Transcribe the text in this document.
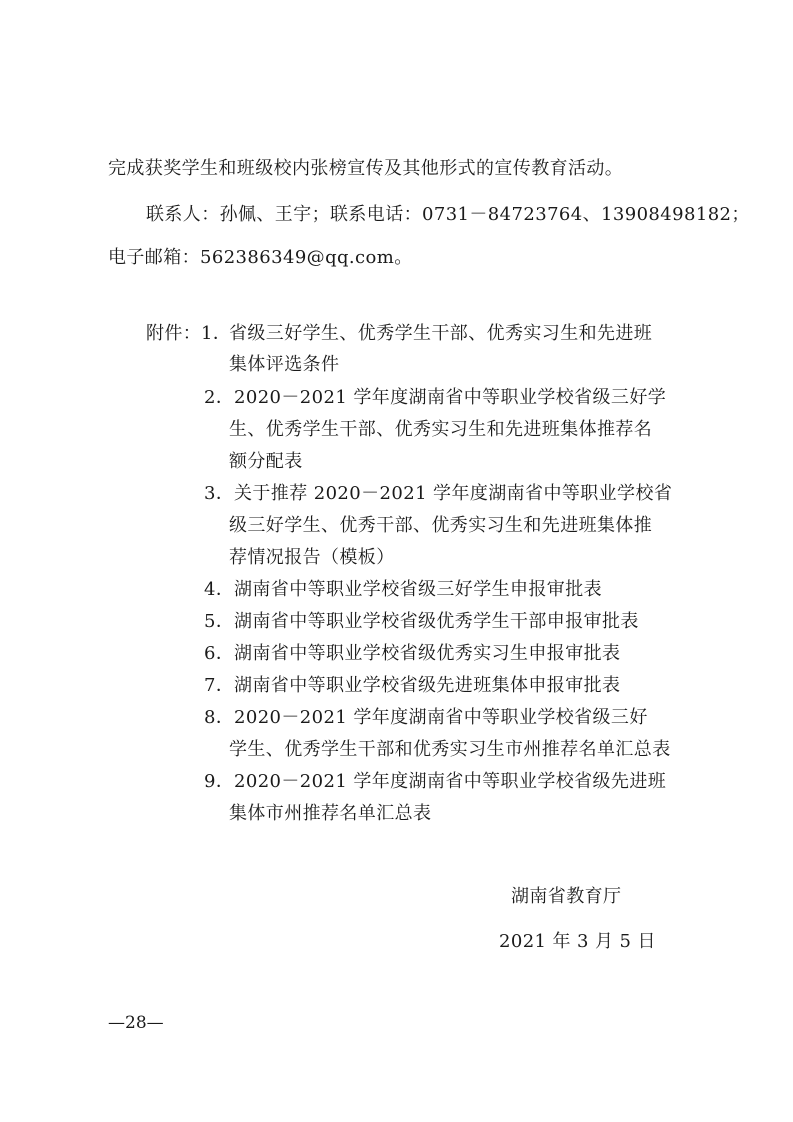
完成获奖学生和班级校内张榜宣传及其他形式的宣传教育活动。
联系人：孙佩、王宇；联系电话：0731－84723764、13908498182；
电子邮箱：562386349@qq.com。
附件： 1．
省级三好学生、优秀学生干部、优秀实习生和先进班
集体评选条件
2． 2020－2021 学年度湖南省中等职业学校省级三好学
生、优秀学生干部、优秀实习生和先进班集体推荐名
额分配表
3． 关于推荐 2020－2021 学年度湖南省中等职业学校省
级三好学生、优秀干部、优秀实习生和先进班集体推
荐情况报告（模板）
4． 湖南省中等职业学校省级三好学生申报审批表
5． 湖南省中等职业学校省级优秀学生干部申报审批表
6． 湖南省中等职业学校省级优秀实习生申报审批表
7． 湖南省中等职业学校省级先进班集体申报审批表
8． 2020－2021 学年度湖南省中等职业学校省级三好
学生、优秀学生干部和优秀实习生市州推荐名单汇总表
9． 2020－2021 学年度湖南省中等职业学校省级先进班
集体市州推荐名单汇总表
湖南省教育厅
2021 年 3 月 5 日
—28—
